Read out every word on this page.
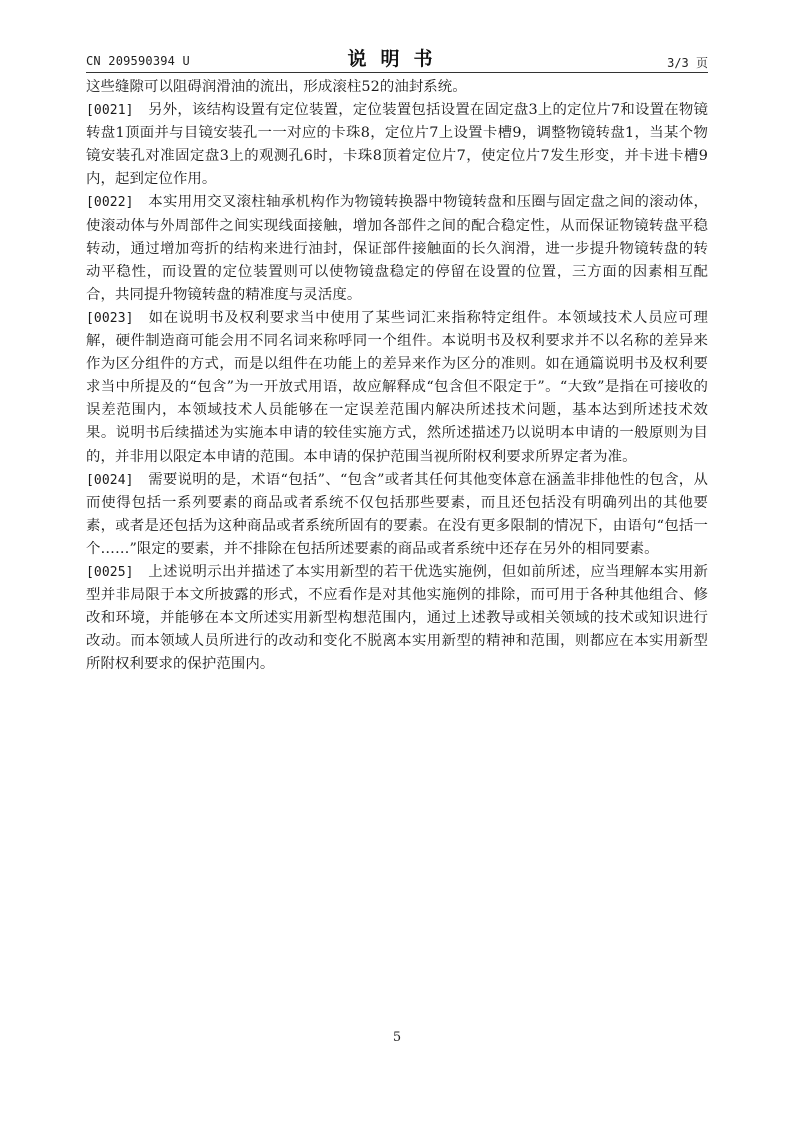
CN 209590394 U	说明书	3/3 页

这些缝隙可以阻碍润滑油的流出，形成滚柱52的油封系统。

[0021] 另外，该结构设置有定位装置，定位装置包括设置在固定盘3上的定位片7和设置在物镜转盘1顶面并与目镜安装孔一一对应的卡珠8，定位片7上设置卡槽9，调整物镜转盘1，当某个物镜安装孔对准固定盘3上的观测孔6时，卡珠8顶着定位片7，使定位片7发生形变，并卡进卡槽9内，起到定位作用。

[0022] 本实用用交叉滚柱轴承机构作为物镜转换器中物镜转盘和压圈与固定盘之间的滚动体，使滚动体与外周部件之间实现线面接触，增加各部件之间的配合稳定性，从而保证物镜转盘平稳转动，通过增加弯折的结构来进行油封，保证部件接触面的长久润滑，进一步提升物镜转盘的转动平稳性，而设置的定位装置则可以使物镜盘稳定的停留在设置的位置，三方面的因素相互配合，共同提升物镜转盘的精准度与灵活度。

[0023] 如在说明书及权利要求当中使用了某些词汇来指称特定组件。本领域技术人员应可理解，硬件制造商可能会用不同名词来称呼同一个组件。本说明书及权利要求并不以名称的差异来作为区分组件的方式，而是以组件在功能上的差异来作为区分的准则。如在通篇说明书及权利要求当中所提及的“包含”为一开放式用语，故应解释成“包含但不限定于”。“大致”是指在可接收的误差范围内，本领域技术人员能够在一定误差范围内解决所述技术问题，基本达到所述技术效果。说明书后续描述为实施本申请的较佳实施方式，然所述描述乃以说明本申请的一般原则为目的，并非用以限定本申请的范围。本申请的保护范围当视所附权利要求所界定者为准。

[0024] 需要说明的是，术语“包括”、“包含”或者其任何其他变体意在涵盖非排他性的包含，从而使得包括一系列要素的商品或者系统不仅包括那些要素，而且还包括没有明确列出的其他要素，或者是还包括为这种商品或者系统所固有的要素。在没有更多限制的情况下，由语句“包括一个……”限定的要素，并不排除在包括所述要素的商品或者系统中还存在另外的相同要素。

[0025] 上述说明示出并描述了本实用新型的若干优选实施例，但如前所述，应当理解本实用新型并非局限于本文所披露的形式，不应看作是对其他实施例的排除，而可用于各种其他组合、修改和环境，并能够在本文所述实用新型构想范围内，通过上述教导或相关领域的技术或知识进行改动。而本领域人员所进行的改动和变化不脱离本实用新型的精神和范围，则都应在本实用新型所附权利要求的保护范围内。

5
